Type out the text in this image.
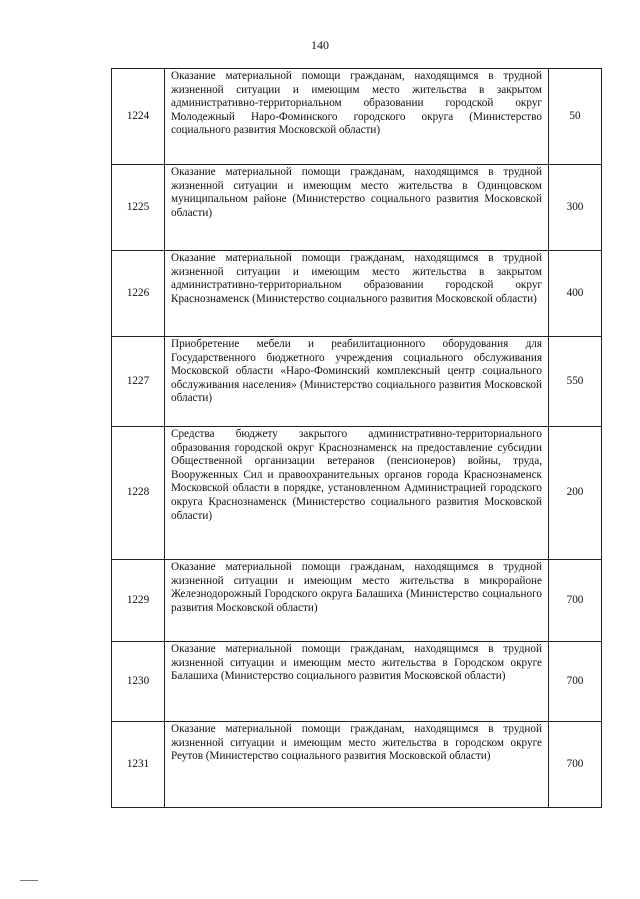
140
1224	Оказание материальной помощи гражданам, находящимся в трудной жизненной ситуации и имеющим место жительства в закрытом административно-территориальном образовании городской округ Молодежный Наро-Фоминского городского округа (Министерство социального развития Московской области)	50
1225	Оказание материальной помощи гражданам, находящимся в трудной жизненной ситуации и имеющим место жительства в Одинцовском муниципальном районе (Министерство социального развития Московской области)	300
1226	Оказание материальной помощи гражданам, находящимся в трудной жизненной ситуации и имеющим место жительства в закрытом административно-территориальном образовании городской округ Краснознаменск (Министерство социального развития Московской области)	400
1227	Приобретение мебели и реабилитационного оборудования для Государственного бюджетного учреждения социального обслуживания Московской области «Наро-Фоминский комплексный центр социального обслуживания населения» (Министерство социального развития Московской области)	550
1228	Средства бюджету закрытого административно-территориального образования городской округ Краснознаменск на предоставление субсидии Общественной организации ветеранов (пенсионеров) войны, труда, Вооруженных Сил и правоохранительных органов города Краснознаменск Московской области в порядке, установленном Администрацией городского округа Краснознаменск (Министерство социального развития Московской области)	200
1229	Оказание материальной помощи гражданам, находящимся в трудной жизненной ситуации и имеющим место жительства в микрорайоне Железнодорожный Городского округа Балашиха (Министерство социального развития Московской области)	700
1230	Оказание материальной помощи гражданам, находящимся в трудной жизненной ситуации и имеющим место жительства в Городском округе Балашиха (Министерство социального развития Московской области)	700
1231	Оказание материальной помощи гражданам, находящимся в трудной жизненной ситуации и имеющим место жительства в городском округе Реутов (Министерство социального развития Московской области)	700
